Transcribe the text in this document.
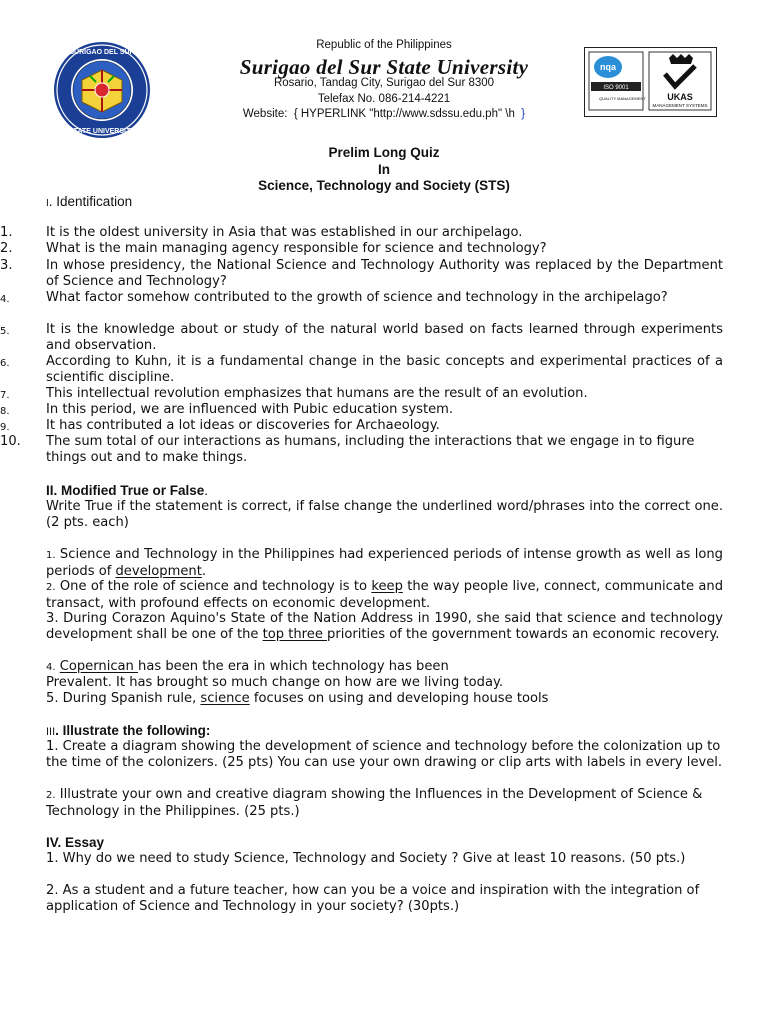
SURIGAO DEL SUR
STATE UNIVERSITY
nqa
ISO 9001
QUALITY MANAGEMENT UKAS
MANAGEMENT SYSTEMS
Republic of the Philippines
Surigao del Sur State University
Rosario, Tandag City, Surigao del Sur 8300
Telefax No. 086-214-4221
Website: { HYPERLINK "http://www.sdssu.edu.ph" \h }
Prelim Long Quiz
In
Science, Technology and Society (STS)
I. Identification
1.	It is the oldest university in Asia that was established in our archipelago.
2.	What is the main managing agency responsible for science and technology?
3.	In whose presidency, the National Science and Technology Authority was replaced by the Department of Science and Technology?
4.	What factor somehow contributed to the growth of science and technology in the archipelago?
5.	It is the knowledge about or study of the natural world based on facts learned through experiments and observation.
6.	According to Kuhn, it is a fundamental change in the basic concepts and experimental practices of a scientific discipline.
7.	This intellectual revolution emphasizes that humans are the result of an evolution.
8.	In this period, we are influenced with Pubic education system.
9.	It has contributed a lot ideas or discoveries for Archaeology.
10.	The sum total of our interactions as humans, including the interactions that we engage in to figure things out and to make things.
II. Modified True or False.
Write True if the statement is correct, if false change the underlined word/phrases into the correct one. (2 pts. each)
1. Science and Technology in the Philippines had experienced periods of intense growth as well as long periods of development.
2. One of the role of science and technology is to keep the way people live, connect, communicate and transact, with profound effects on economic development.
3. During Corazon Aquino's State of the Nation Address in 1990, she said that science and technology development shall be one of the top three priorities of the government towards an economic recovery.
4. Copernican has been the era in which technology has been
Prevalent. It has brought so much change on how are we living today.
5. During Spanish rule, science focuses on using and developing house tools
III. Illustrate the following:
1. Create a diagram showing the development of science and technology before the colonization up to the time of the colonizers. (25 pts) You can use your own drawing or clip arts with labels in every level.
2. Illustrate your own and creative diagram showing the Influences in the Development of Science & Technology in the Philippines. (25 pts.)
IV. Essay
1. Why do we need to study Science, Technology and Society ? Give at least 10 reasons. (50 pts.)
2. As a student and a future teacher, how can you be a voice and inspiration with the integration of application of Science and Technology in your society? (30pts.)
